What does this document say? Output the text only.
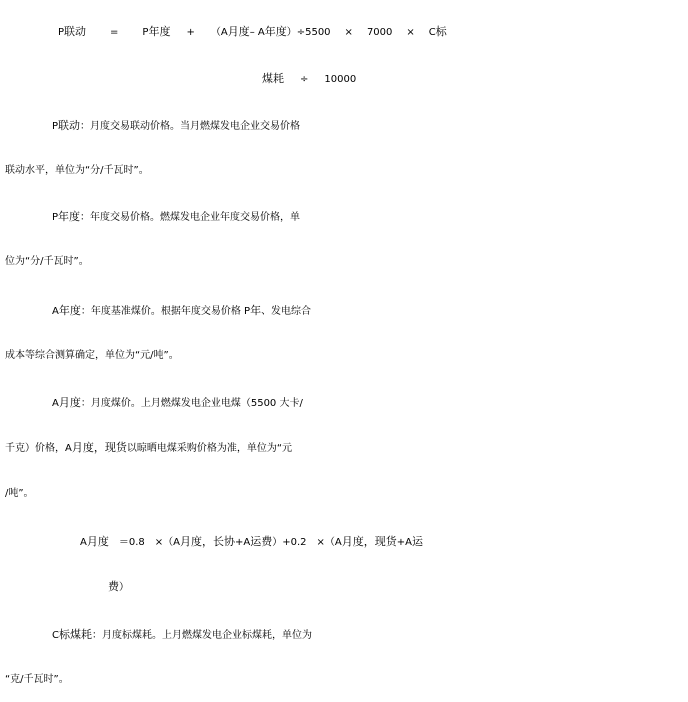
P联动 = P年度 + （A月度– A年度）÷5500 × 7000 × C标

煤耗 ÷ 10000

P联动：月度交易联动价格。当月燃煤发电企业交易价格

联动水平，单位为“分/千瓦时”。

P年度：年度交易价格。燃煤发电企业年度交易价格，单

位为“分/千瓦时”。

A年度：年度基准煤价。根据年度交易价格 P年、发电综合

成本等综合测算确定，单位为“元/吨”。

A月度：月度煤价。上月燃煤发电企业电煤（5500 大卡/

千克）价格，A月度，现货以晾晒电煤采购价格为准，单位为“元

/吨”。

A月度 ＝0.8 ×（A月度，长协+A运费）+0.2 ×（A月度，现货+A运

费）

C标煤耗：月度标煤耗。上月燃煤发电企业标煤耗，单位为

“克/千瓦时”。
